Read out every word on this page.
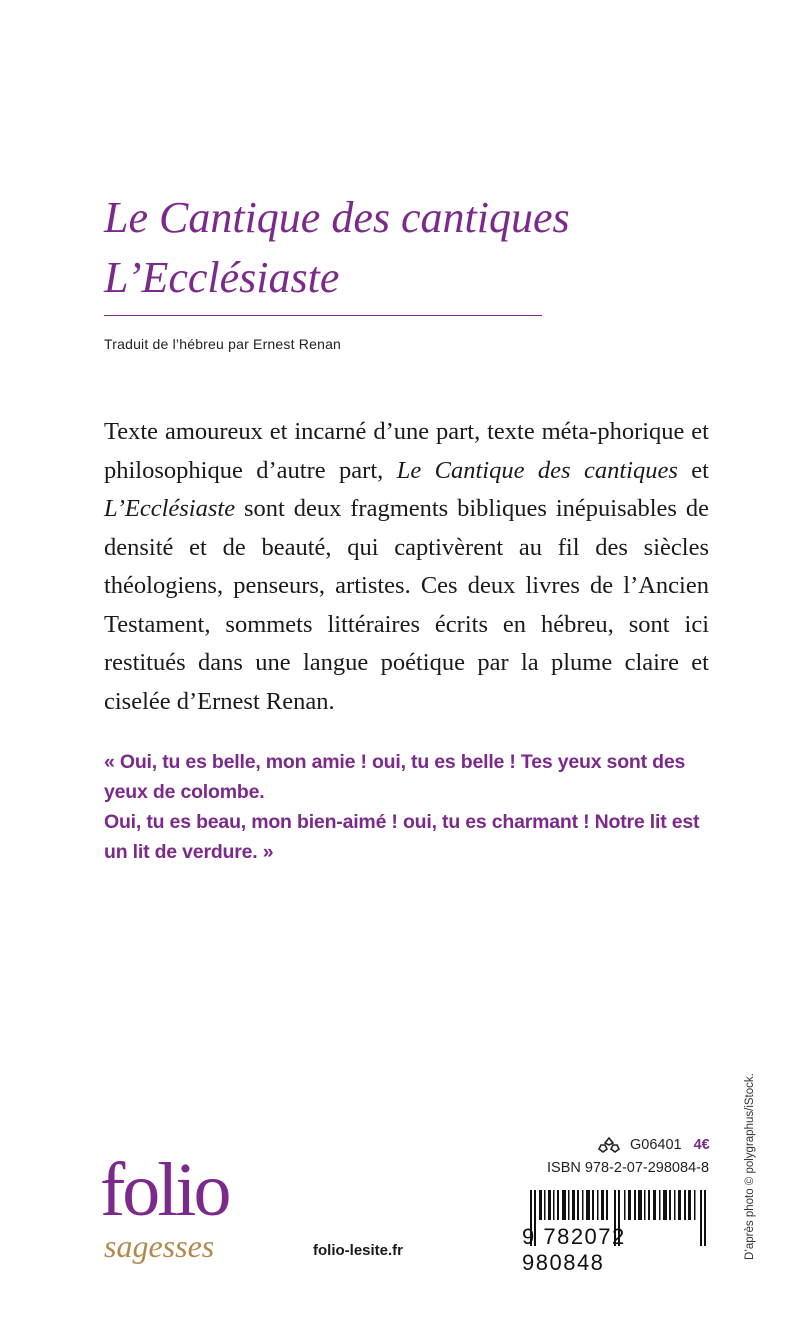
Le Cantique des cantiques
L’Ecclésiaste
Traduit de l’hébreu par Ernest Renan

Texte amoureux et incarné d’une part, texte méta-phorique et philosophique d’autre part, Le Cantique des cantiques et L’Ecclésiaste sont deux fragments bibliques inépuisables de densité et de beauté, qui captivèrent au fil des siècles théologiens, penseurs, artistes. Ces deux livres de l’Ancien Testament, sommets littéraires écrits en hébreu, sont ici restitués dans une langue poétique par la plume claire et ciselée d’Ernest Renan.

« Oui, tu es belle, mon amie ! oui, tu es belle ! Tes yeux sont des yeux de colombe.
Oui, tu es beau, mon bien-aimé ! oui, tu es charmant ! Notre lit est un lit de verdure. »

D’après photo © polygraphus/iStock.
G06401 4€
ISBN 978-2-07-298084-8
9 782072 980848
folio
sagesses	folio-lesite.fr
